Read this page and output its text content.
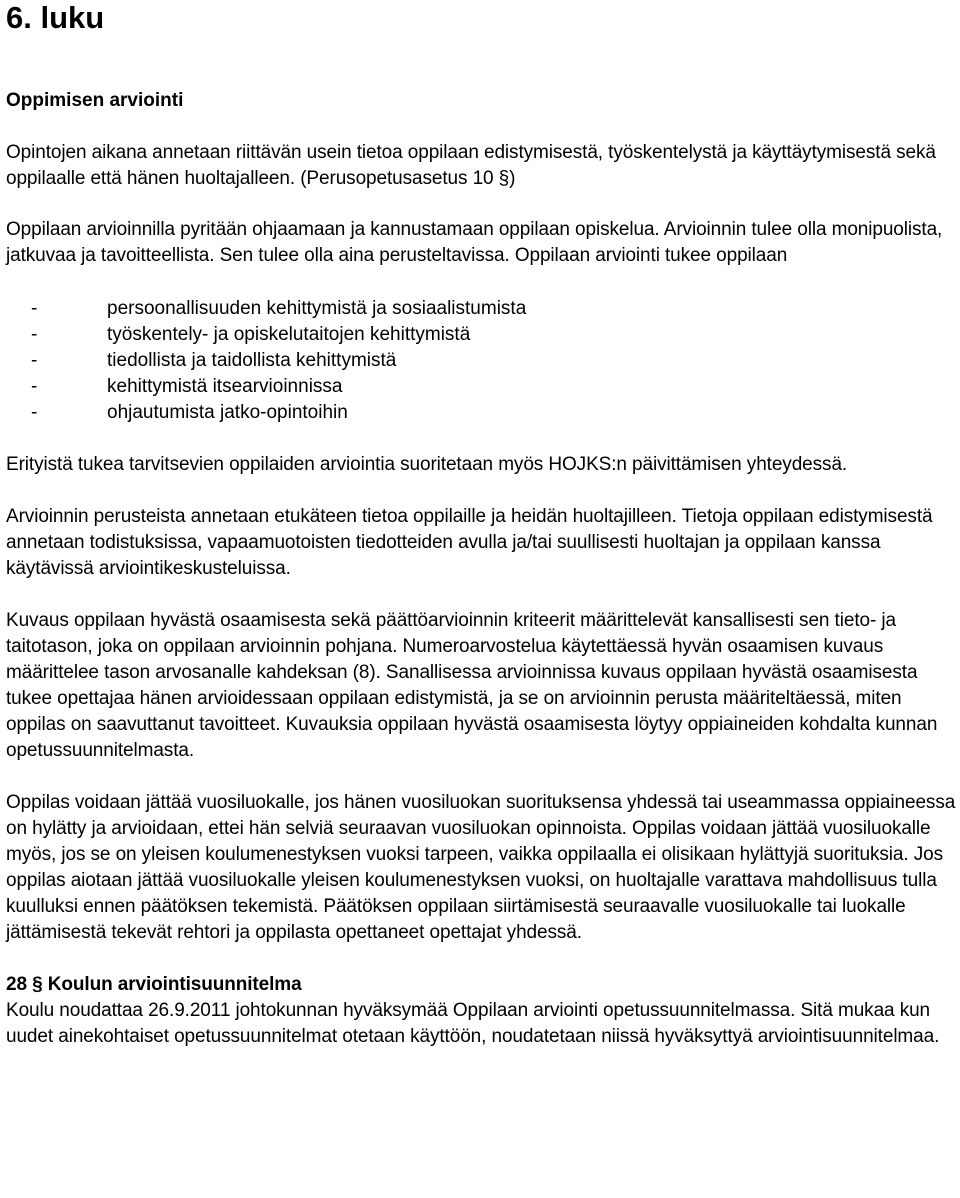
6. luku
Oppimisen arviointi

Opintojen aikana annetaan riittävän usein tietoa oppilaan edistymisestä, työskentelystä ja käyttäytymisestä sekä oppilaalle että hänen huoltajalleen. (Perusopetusasetus 10 §)

Oppilaan arvioinnilla pyritään ohjaamaan ja kannustamaan oppilaan opiskelua. Arvioinnin tulee olla monipuolista, jatkuvaa ja tavoitteellista. Sen tulee olla aina perusteltavissa. Oppilaan arviointi tukee oppilaan

-	persoonallisuuden kehittymistä ja sosiaalistumista
-	työskentely- ja opiskelutaitojen kehittymistä
-	tiedollista ja taidollista kehittymistä
-	kehittymistä itsearvioinnissa
-	ohjautumista jatko-opintoihin

Erityistä tukea tarvitsevien oppilaiden arviointia suoritetaan myös HOJKS:n päivittämisen yhteydessä.

Arvioinnin perusteista annetaan etukäteen tietoa oppilaille ja heidän huoltajilleen. Tietoja oppilaan edistymisestä annetaan todistuksissa, vapaamuotoisten tiedotteiden avulla ja/tai suullisesti huoltajan ja oppilaan kanssa käytävissä arviointikeskusteluissa.

Kuvaus oppilaan hyvästä osaamisesta sekä päättöarvioinnin kriteerit määrittelevät kansallisesti sen tieto- ja taitotason, joka on oppilaan arvioinnin pohjana. Numeroarvostelua käytettäessä hyvän osaamisen kuvaus määrittelee tason arvosanalle kahdeksan (8). Sanallisessa arvioinnissa kuvaus oppilaan hyvästä osaamisesta tukee opettajaa hänen arvioidessaan oppilaan edistymistä, ja se on arvioinnin perusta määriteltäessä, miten oppilas on saavuttanut tavoitteet. Kuvauksia oppilaan hyvästä osaamisesta löytyy oppiaineiden kohdalta kunnan opetussuunnitelmasta.

Oppilas voidaan jättää vuosiluokalle, jos hänen vuosiluokan suorituksensa yhdessä tai useammassa oppiaineessa on hylätty ja arvioidaan, ettei hän selviä seuraavan vuosiluokan opinnoista. Oppilas voidaan jättää vuosiluokalle myös, jos se on yleisen koulumenestyksen vuoksi tarpeen, vaikka oppilaalla ei olisikaan hylättyjä suorituksia. Jos oppilas aiotaan jättää vuosiluokalle yleisen koulumenestyksen vuoksi, on huoltajalle varattava mahdollisuus tulla kuulluksi ennen päätöksen tekemistä. Päätöksen oppilaan siirtämisestä seuraavalle vuosiluokalle tai luokalle jättämisestä tekevät rehtori ja oppilasta opettaneet opettajat yhdessä.

28 § Koulun arviointisuunnitelma

Koulu noudattaa 26.9.2011 johtokunnan hyväksymää Oppilaan arviointi opetussuunnitelmassa. Sitä mukaa kun uudet ainekohtaiset opetussuunnitelmat otetaan käyttöön, noudatetaan niissä hyväksyttyä arviointisuunnitelmaa.
